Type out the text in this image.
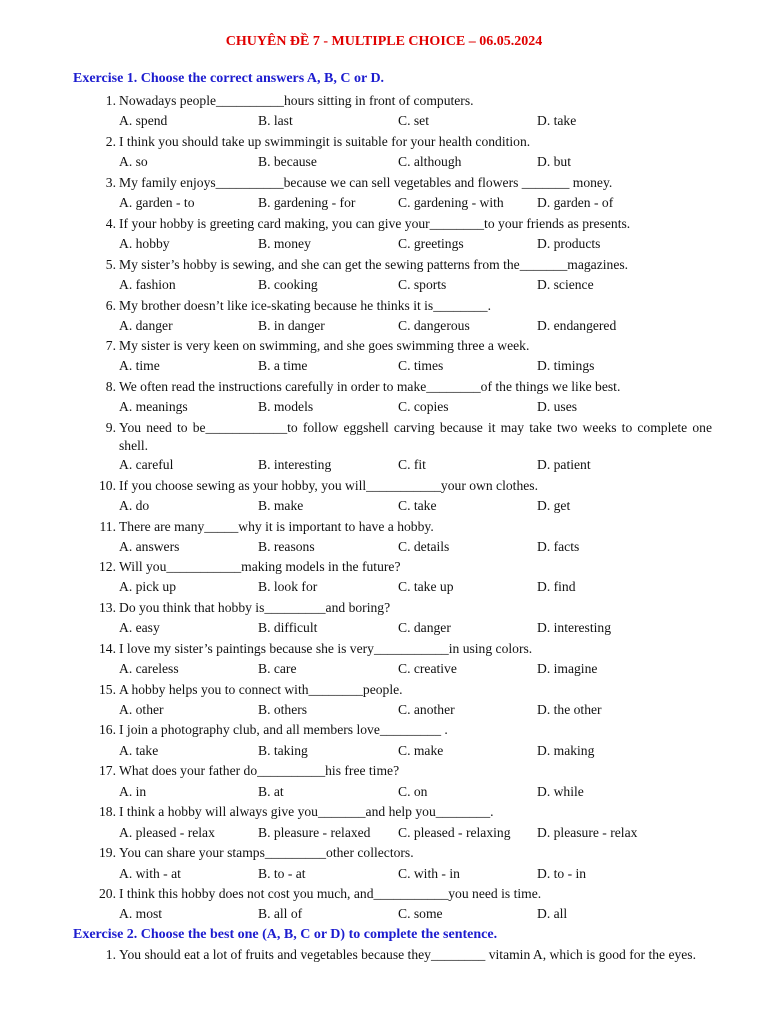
CHUYÊN ĐỀ 7 - MULTIPLE CHOICE – 06.05.2024
Exercise 1. Choose the correct answers A, B, C or D.
1. Nowadays people__________hours sitting in front of computers.
A. spend	B. last	C. set	D. take
2. I think you should take up swimmingit is suitable for your health condition.
A. so	B. because	C. although	D. but
3. My family enjoys__________because we can sell vegetables and flowers _______ money.
A. garden - to	B. gardening - for	C. gardening - with D. garden - of
4. If your hobby is greeting card making, you can give your________to your friends as presents.
A. hobby	B. money	C. greetings	D. products
5. My sister’s hobby is sewing, and she can get the sewing patterns from the_______magazines.
A. fashion	B. cooking	C. sports	D. science
6. My brother doesn’t like ice-skating because he thinks it is________.
A. danger	B. in danger	C. dangerous	D. endangered
7. My sister is very keen on swimming, and she goes swimming three a week.
A. time	B. a time	C. times	D. timings
8. We often read the instructions carefully in order to make________of the things we like best.
A. meanings	B. models	C. copies	D. uses
9. You need to be____________to follow eggshell carving because it may take two weeks to complete one shell.
A. careful	B. interesting	C. fit	D. patient
10. If you choose sewing as your hobby, you will___________your own clothes.
A. do	B. make	C. take	D. get
11. There are many_____why it is important to have a hobby.
A. answers	B. reasons	C. details	D. facts
12. Will you___________making models in the future?
A. pick up	B. look for	C. take up	D. find
13. Do you think that hobby is_________and boring?
A. easy	B. difficult	C. danger	D. interesting
14. I love my sister’s paintings because she is very___________in using colors.
A. careless	B. care	C. creative	D. imagine
15. A hobby helps you to connect with________people.
A. other	B. others	C. another	D. the other
16. I join a photography club, and all members love_________ .
A. take	B. taking	C. make	D. making
17. What does your father do__________his free time?
A. in	B. at	C. on	D. while
18. I think a hobby will always give you_______and help you________.
A. pleased - relax	B. pleasure - relaxed C. pleased - relaxing D. pleasure - relax
19. You can share your stamps_________other collectors.
A. with - at	B. to - at	C. with - in	D. to - in
20. I think this hobby does not cost you much, and___________you need is time.
A. most	B. all of	C. some	D. all
Exercise 2. Choose the best one (A, B, C or D) to complete the sentence.
1. You should eat a lot of fruits and vegetables because they________ vitamin A, which is good for the eyes.
